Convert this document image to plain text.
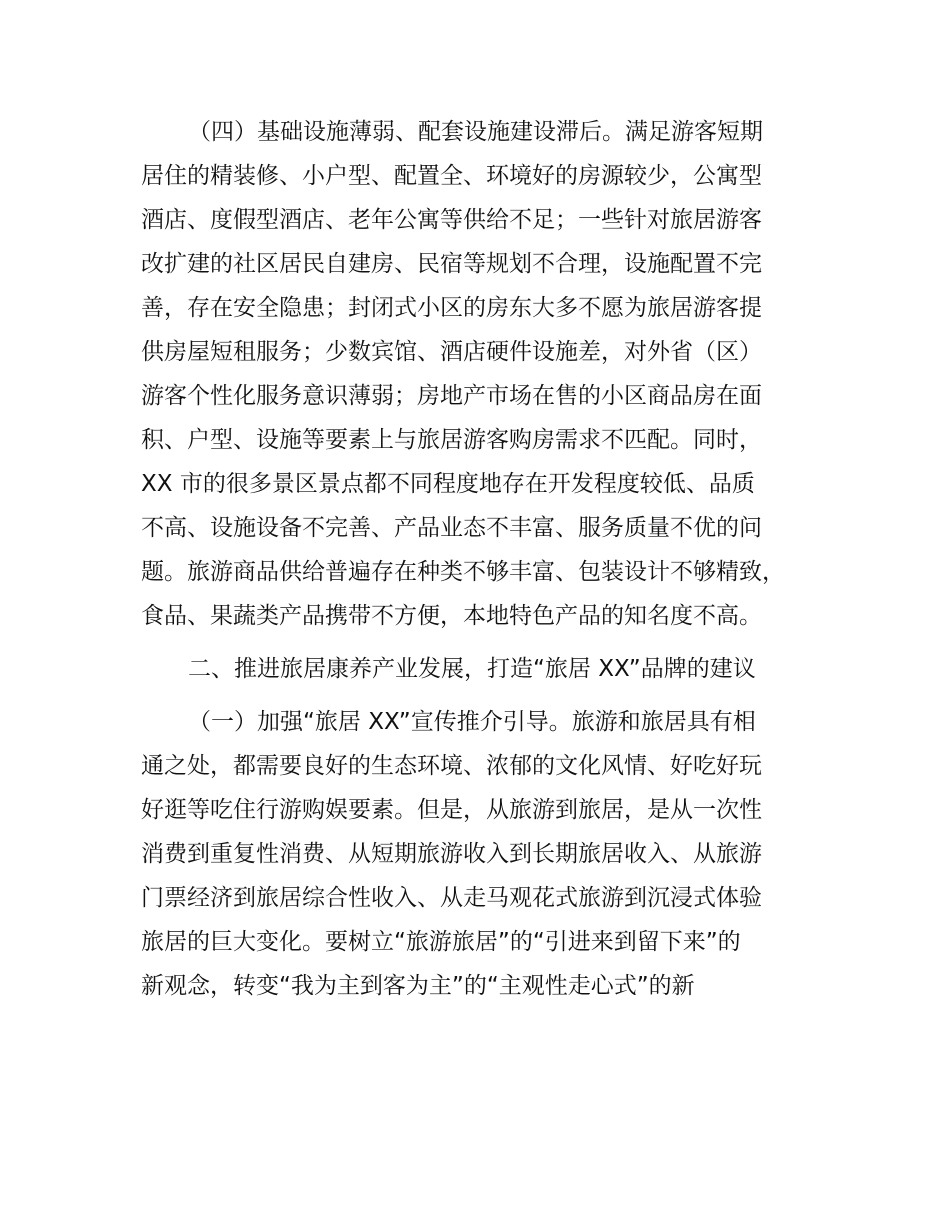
（四）基础设施薄弱、配套设施建设滞后。满足游客短期
居住的精装修、小户型、配置全、环境好的房源较少，公寓型
酒店、度假型酒店、老年公寓等供给不足；一些针对旅居游客
改扩建的社区居民自建房、民宿等规划不合理，设施配置不完
善，存在安全隐患；封闭式小区的房东大多不愿为旅居游客提
供房屋短租服务；少数宾馆、酒店硬件设施差，对外省（区）
游客个性化服务意识薄弱；房地产市场在售的小区商品房在面
积、户型、设施等要素上与旅居游客购房需求不匹配。同时，
XX 市的很多景区景点都不同程度地存在开发程度较低、品质
不高、设施设备不完善、产品业态不丰富、服务质量不优的问
题。旅游商品供给普遍存在种类不够丰富、包装设计不够精致，
食品、果蔬类产品携带不方便，本地特色产品的知名度不高。
二、推进旅居康养产业发展，打造“旅居 XX”品牌的建议
（一）加强“旅居 XX”宣传推介引导。旅游和旅居具有相
通之处，都需要良好的生态环境、浓郁的文化风情、好吃好玩
好逛等吃住行游购娱要素。但是，从旅游到旅居，是从一次性
消费到重复性消费、从短期旅游收入到长期旅居收入、从旅游
门票经济到旅居综合性收入、从走马观花式旅游到沉浸式体验
旅居的巨大变化。要树立“旅游旅居”的“引进来到留下来”的
新观念，转变“我为主到客为主”的“主观性走心式”的新
